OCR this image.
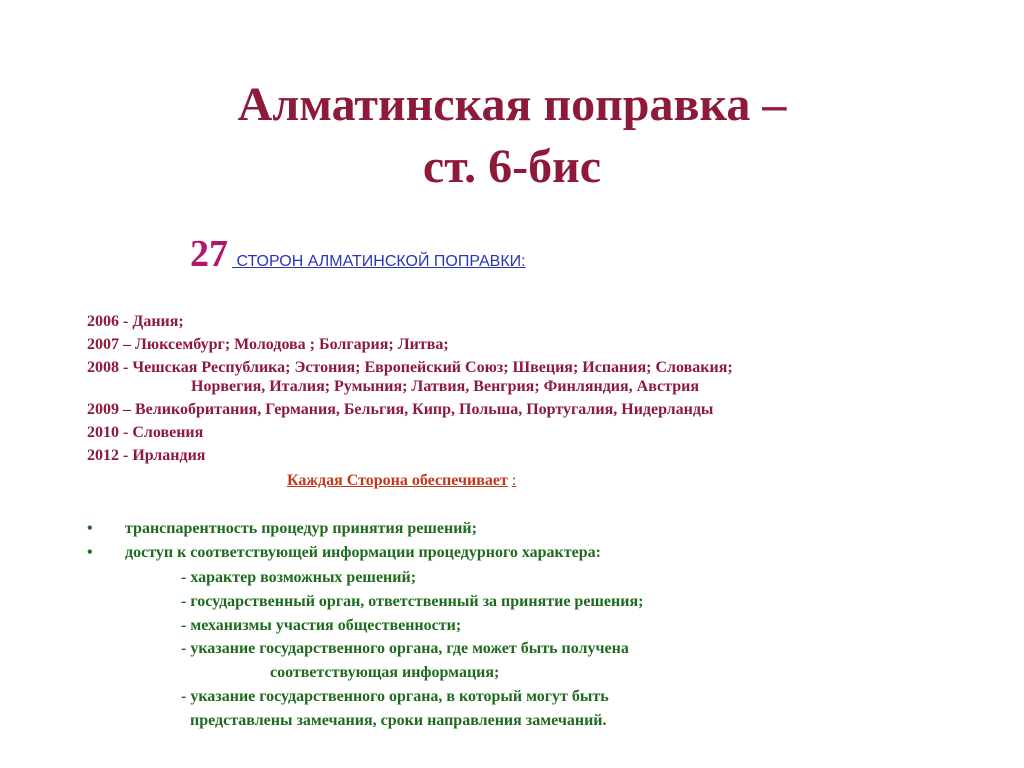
Алматинская поправка –
ст. 6-бис
27 СТОРОН АЛМАТИНСКОЙ ПОПРАВКИ:
2006 - Дания;
2007 – Люксембург; Молодова ; Болгария; Литва;
2008 - Чешская Республика; Эстония; Европейский Союз; Швеция; Испания; Словакия;
Норвегия, Италия; Румыния; Латвия, Венгрия; Финляндия, Австрия
2009 – Великобритания, Германия, Бельгия, Кипр, Польша, Португалия, Нидерланды
2010 - Словения
2012 - Ирландия
Каждая Сторона обеспечивает :
• транспарентность процедур принятия решений;
• доступ к соответствующей информации процедурного характера:
- характер возможных решений;
- государственный орган, ответственный за принятие решения;
- механизмы участия общественности;
- указание государственного органа, где может быть получена
соответствующая информация;
- указание государственного органа, в который могут быть
представлены замечания, сроки направления замечаний.
